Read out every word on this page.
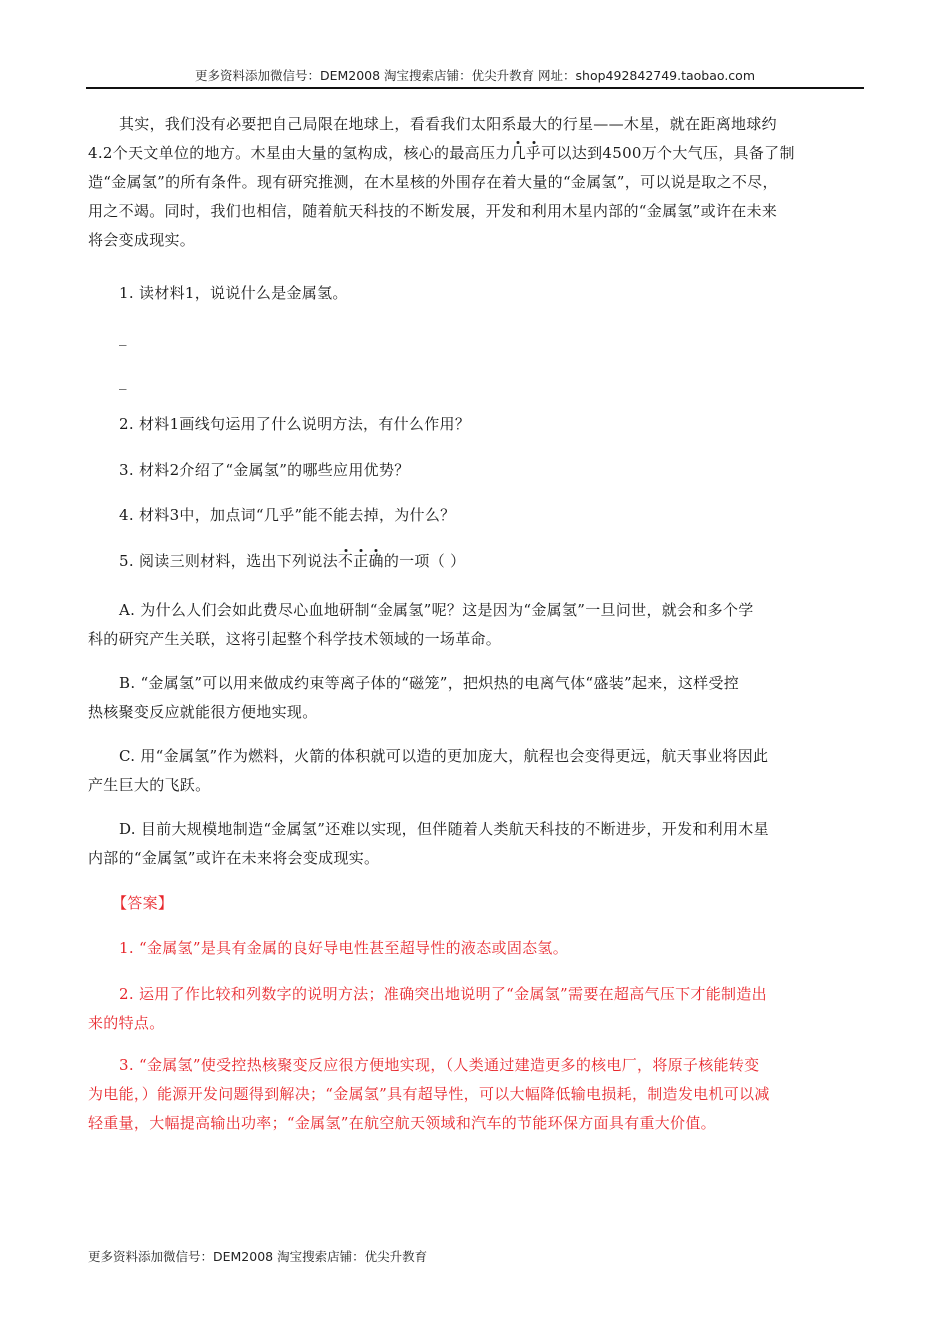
更多资料添加微信号：DEM2008 淘宝搜索店铺：优尖升教育 网址：shop492842749.taobao.com
其实，我们没有必要把自己局限在地球上，看看我们太阳系最大的行星——木星，就在距离地球约
4.2个天文单位的地方。木星由大量的氢构成，核心的最高压力几乎可以达到4500万个大气压，具备了制
造“金属氢”的所有条件。现有研究推测，在木星核的外围存在着大量的“金属氢”，可以说是取之不尽，
用之不竭。同时，我们也相信，随着航天科技的不断发展，开发和利用木星内部的“金属氢”或许在未来
将会变成现实。
1. 读材料1，说说什么是金属氢。
_
_
2. 材料1画线句运用了什么说明方法，有什么作用？
3. 材料2介绍了“金属氢”的哪些应用优势？
4. 材料3中，加点词“几乎”能不能去掉，为什么？
5. 阅读三则材料，选出下列说法不正确的一项（ ）
A. 为什么人们会如此费尽心血地研制“金属氢”呢？这是因为“金属氢”一旦问世，就会和多个学
科的研究产生关联，这将引起整个科学技术领域的一场革命。
B. “金属氢”可以用来做成约束等离子体的“磁笼”，把炽热的电离气体“盛装”起来，这样受控
热核聚变反应就能很方便地实现。
C. 用“金属氢”作为燃料，火箭的体积就可以造的更加庞大，航程也会变得更远，航天事业将因此
产生巨大的飞跃。
D. 目前大规模地制造“金属氢”还难以实现，但伴随着人类航天科技的不断进步，开发和利用木星
内部的“金属氢”或许在未来将会变成现实。
【答案】
1. “金属氢”是具有金属的良好导电性甚至超导性的液态或固态氢。
2. 运用了作比较和列数字的说明方法；准确突出地说明了“金属氢”需要在超高气压下才能制造出
来的特点。
3. “金属氢”使受控热核聚变反应很方便地实现，（人类通过建造更多的核电厂，将原子核能转变
为电能，）能源开发问题得到解决；“金属氢”具有超导性，可以大幅降低输电损耗，制造发电机可以减
轻重量，大幅提高输出功率；“金属氢”在航空航天领域和汽车的节能环保方面具有重大价值。
更多资料添加微信号：DEM2008 淘宝搜索店铺：优尖升教育
